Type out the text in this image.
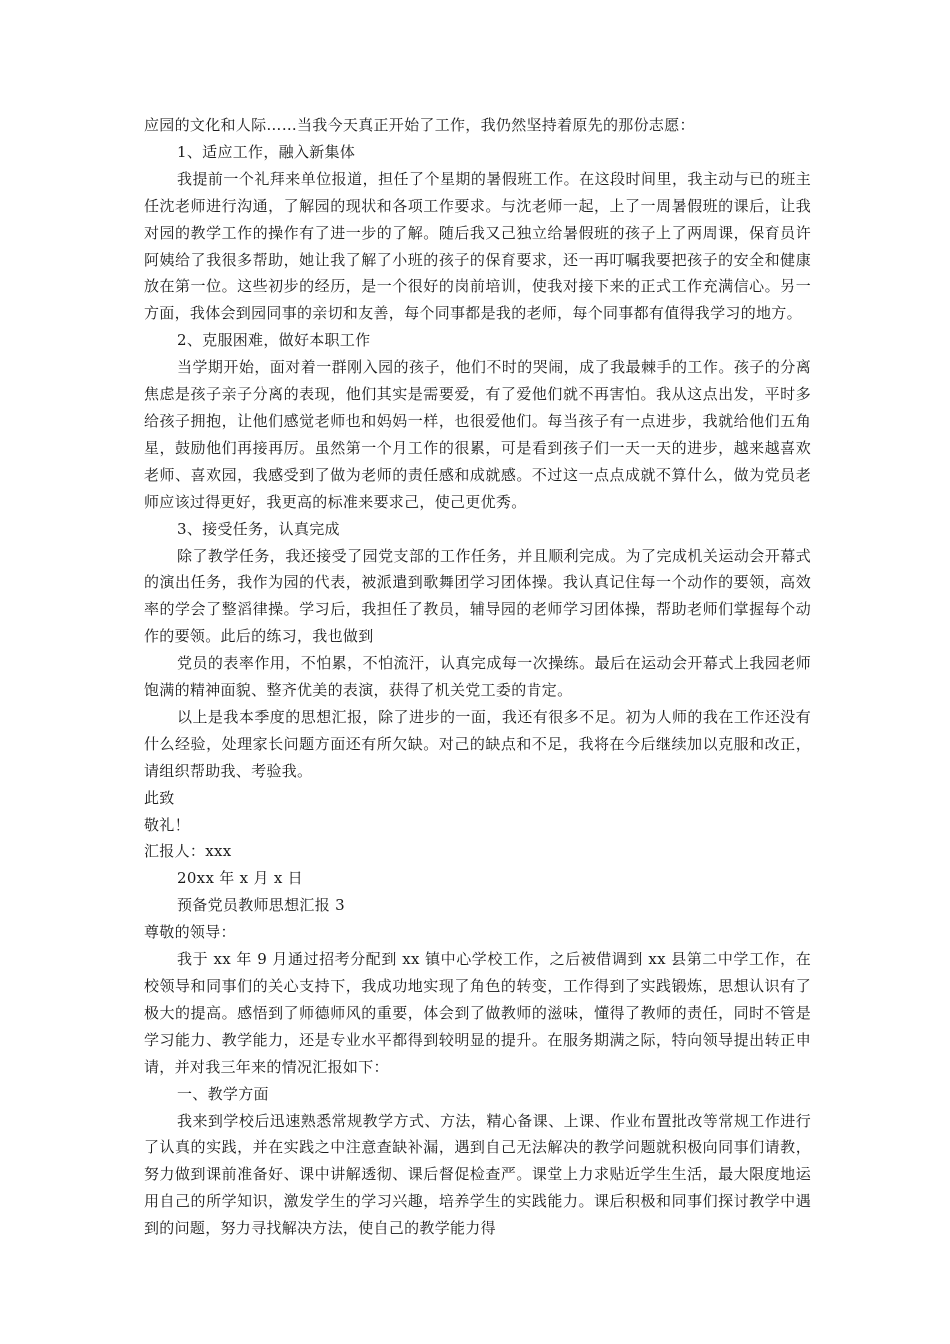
应园的文化和人际……当我今天真正开始了工作，我仍然坚持着原先的那份志愿：

1、适应工作，融入新集体

我提前一个礼拜来单位报道，担任了个星期的暑假班工作。在这段时间里，我主动与已的班主任沈老师进行沟通，了解园的现状和各项工作要求。与沈老师一起，上了一周暑假班的课后，让我对园的教学工作的操作有了进一步的了解。随后我又己独立给暑假班的孩子上了两周课，保育员许阿姨给了我很多帮助，她让我了解了小班的孩子的保育要求，还一再叮嘱我要把孩子的安全和健康放在第一位。这些初步的经历，是一个很好的岗前培训，使我对接下来的正式工作充满信心。另一方面，我体会到园同事的亲切和友善，每个同事都是我的老师，每个同事都有值得我学习的地方。

2、克服困难，做好本职工作

当学期开始，面对着一群刚入园的孩子，他们不时的哭闹，成了我最棘手的工作。孩子的分离焦虑是孩子亲子分离的表现，他们其实是需要爱，有了爱他们就不再害怕。我从这点出发，平时多给孩子拥抱，让他们感觉老师也和妈妈一样，也很爱他们。每当孩子有一点进步，我就给他们五角星，鼓励他们再接再厉。虽然第一个月工作的很累，可是看到孩子们一天一天的进步，越来越喜欢老师、喜欢园，我感受到了做为老师的责任感和成就感。不过这一点点成就不算什么，做为党员老师应该过得更好，我更高的标准来要求己，使己更优秀。

3、接受任务，认真完成

除了教学任务，我还接受了园党支部的工作任务，并且顺利完成。为了完成机关运动会开幕式的演出任务，我作为园的代表，被派遣到歌舞团学习团体操。我认真记住每一个动作的要领，高效率的学会了整滔律操。学习后，我担任了教员，辅导园的老师学习团体操，帮助老师们掌握每个动作的要领。此后的练习，我也做到

党员的表率作用，不怕累，不怕流汗，认真完成每一次操练。最后在运动会开幕式上我园老师饱满的精神面貌、整齐优美的表演，获得了机关党工委的肯定。

以上是我本季度的思想汇报，除了进步的一面，我还有很多不足。初为人师的我在工作还没有什么经验，处理家长问题方面还有所欠缺。对己的缺点和不足，我将在今后继续加以克服和改正，请组织帮助我、考验我。

此致

敬礼！

汇报人：xxx

20xx 年 x 月 x 日

预备党员教师思想汇报 3

尊敬的领导：

我于 xx 年 9 月通过招考分配到 xx 镇中心学校工作，之后被借调到 xx 县第二中学工作，在校领导和同事们的关心支持下，我成功地实现了角色的转变，工作得到了实践锻炼，思想认识有了极大的提高。感悟到了师德师风的重要，体会到了做教师的滋味，懂得了教师的责任，同时不管是学习能力、教学能力，还是专业水平都得到较明显的提升。在服务期满之际，特向领导提出转正申请，并对我三年来的情况汇报如下：

一、教学方面

我来到学校后迅速熟悉常规教学方式、方法，精心备课、上课、作业布置批改等常规工作进行了认真的实践，并在实践之中注意查缺补漏，遇到自己无法解决的教学问题就积极向同事们请教，努力做到课前准备好、课中讲解透彻、课后督促检查严。课堂上力求贴近学生生活，最大限度地运用自己的所学知识，激发学生的学习兴趣，培养学生的实践能力。课后积极和同事们探讨教学中遇到的问题，努力寻找解决方法，使自己的教学能力得
